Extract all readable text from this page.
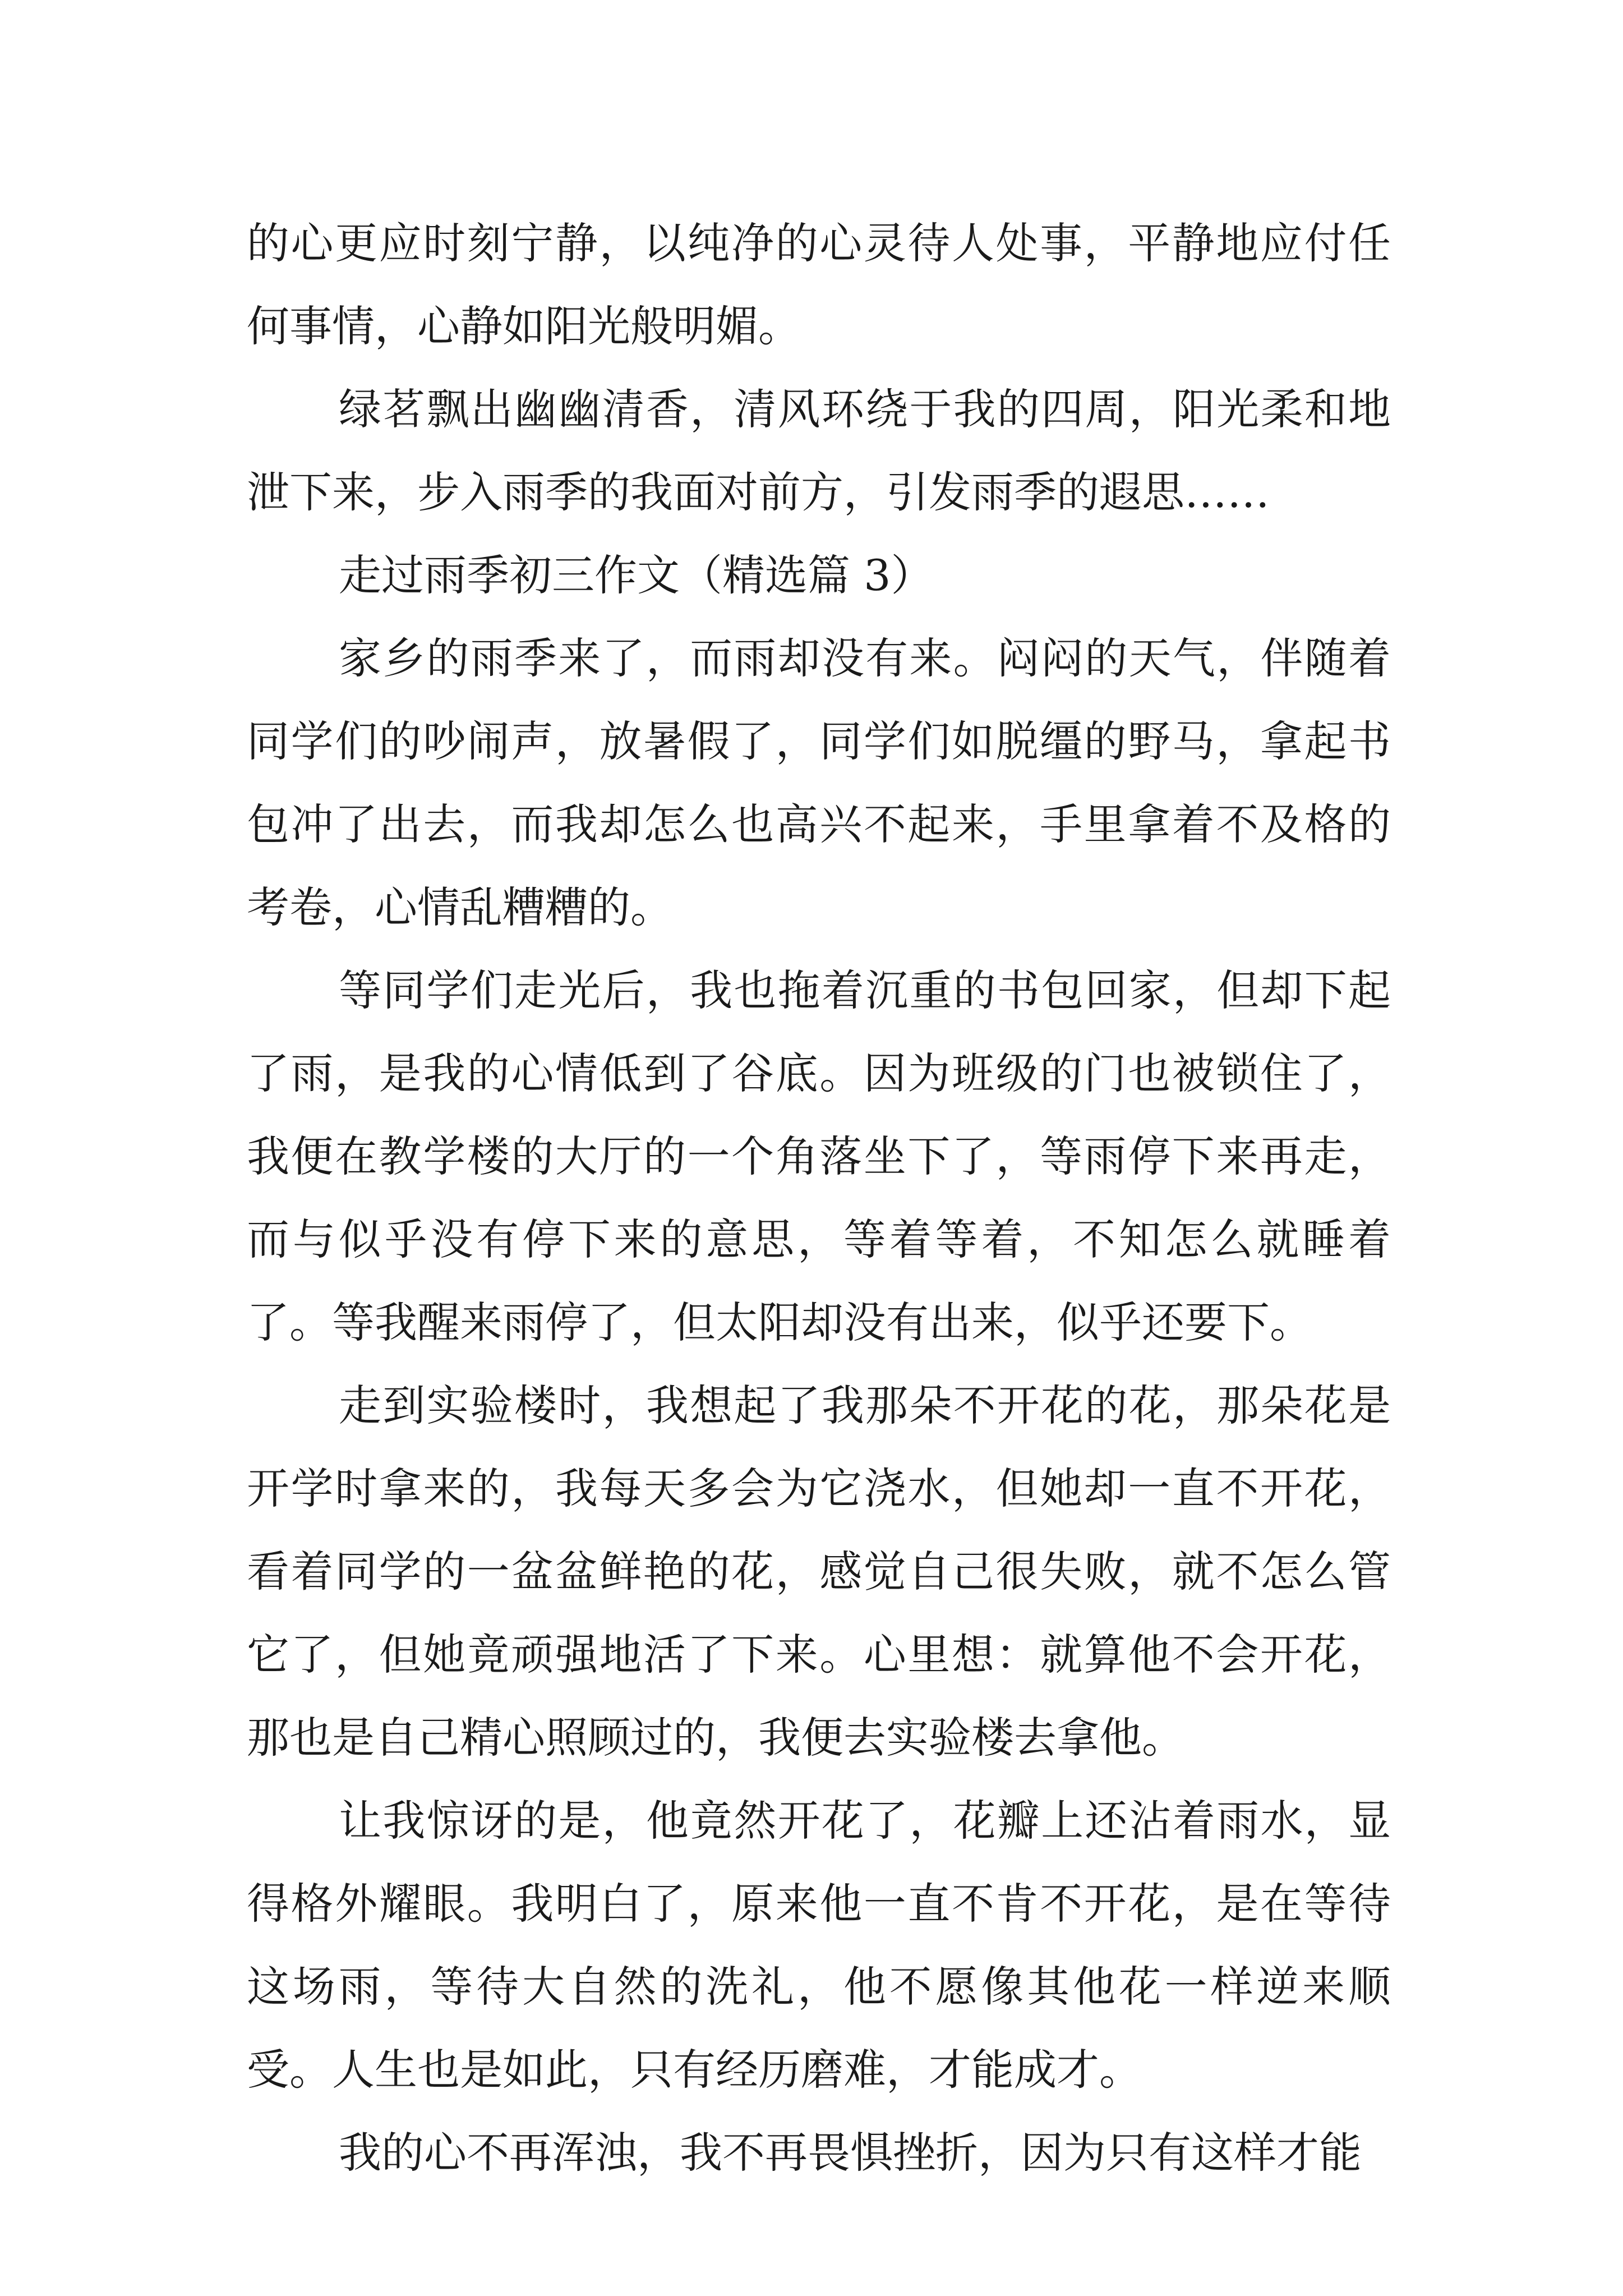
的心更应时刻宁静，以纯净的心灵待人处事，平静地应付任何事情，心静如阳光般明媚。

绿茗飘出幽幽清香，清风环绕于我的四周，阳光柔和地泄下来，步入雨季的我面对前方，引发雨季的遐思……

走过雨季初三作文（精选篇 3）

家乡的雨季来了，而雨却没有来。闷闷的天气，伴随着同学们的吵闹声，放暑假了，同学们如脱缰的野马，拿起书包冲了出去，而我却怎么也高兴不起来，手里拿着不及格的考卷，心情乱糟糟的。

等同学们走光后，我也拖着沉重的书包回家，但却下起了雨，是我的心情低到了谷底。因为班级的门也被锁住了，我便在教学楼的大厅的一个角落坐下了，等雨停下来再走，而与似乎没有停下来的意思，等着等着，不知怎么就睡着了。等我醒来雨停了，但太阳却没有出来，似乎还要下。

走到实验楼时，我想起了我那朵不开花的花，那朵花是开学时拿来的，我每天多会为它浇水，但她却一直不开花，看着同学的一盆盆鲜艳的花，感觉自己很失败，就不怎么管它了，但她竟顽强地活了下来。心里想：就算他不会开花，那也是自己精心照顾过的，我便去实验楼去拿他。

让我惊讶的是，他竟然开花了，花瓣上还沾着雨水，显得格外耀眼。我明白了，原来他一直不肯不开花，是在等待这场雨，等待大自然的洗礼，他不愿像其他花一样逆来顺受。人生也是如此，只有经历磨难，才能成才。

我的心不再浑浊，我不再畏惧挫折，因为只有这样才能
